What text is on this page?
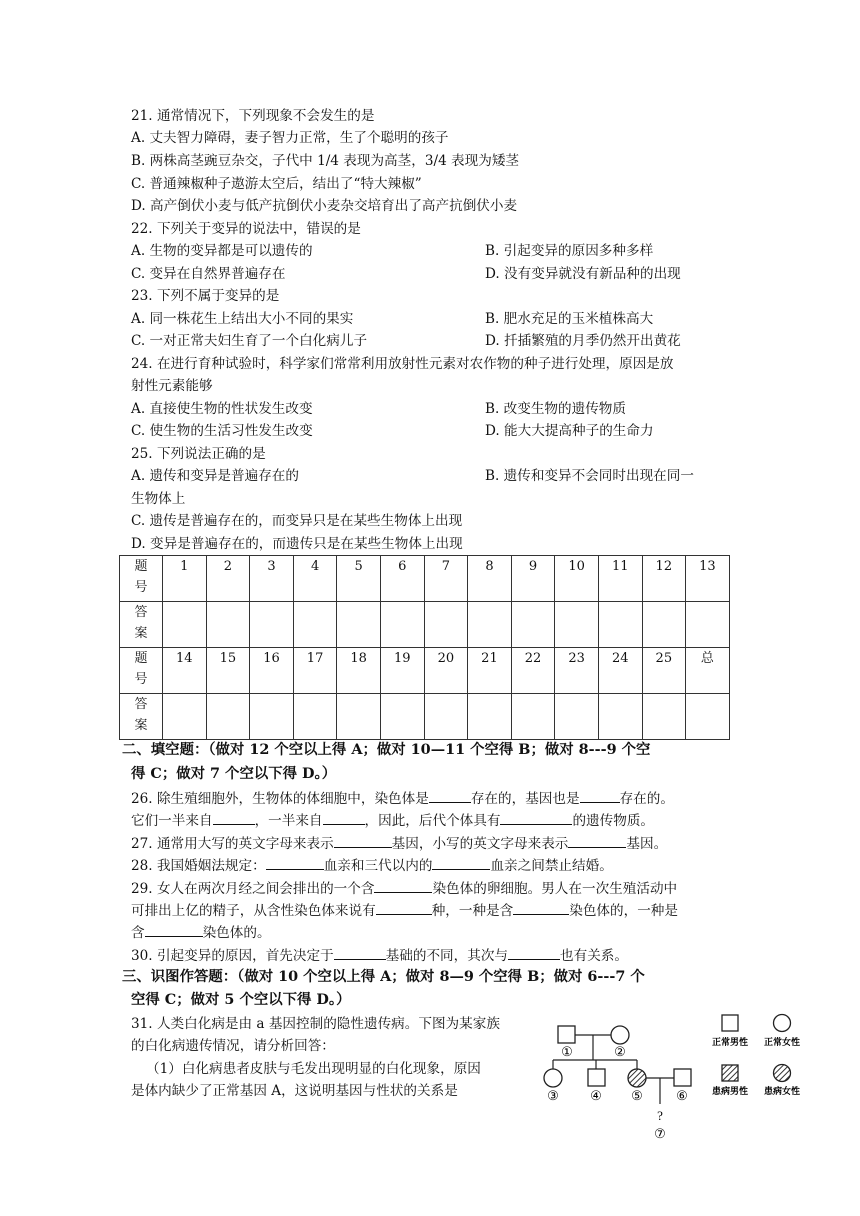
21. 通常情况下，下列现象不会发生的是
A. 丈夫智力障碍，妻子智力正常，生了个聪明的孩子
B. 两株高茎豌豆杂交，子代中 1/4 表现为高茎，3/4 表现为矮茎
C. 普通辣椒种子遨游太空后，结出了“特大辣椒”
D. 高产倒伏小麦与低产抗倒伏小麦杂交培育出了高产抗倒伏小麦
22. 下列关于变异的说法中，错误的是
A. 生物的变异都是可以遗传的	B. 引起变异的原因多种多样
C. 变异在自然界普遍存在	D. 没有变异就没有新品种的出现
23. 下列不属于变异的是
A. 同一株花生上结出大小不同的果实	B. 肥水充足的玉米植株高大
C. 一对正常夫妇生育了一个白化病儿子	D. 扦插繁殖的月季仍然开出黄花
24. 在进行育种试验时，科学家们常常利用放射性元素对农作物的种子进行处理，原因是放
射性元素能够
A. 直接使生物的性状发生改变	B. 改变生物的遗传物质
C. 使生物的生活习性发生改变	D. 能大大提高种子的生命力
25. 下列说法正确的是
A. 遗传和变异是普遍存在的	B. 遗传和变异不会同时出现在同一
生物体上
C. 遗传是普遍存在的，而变异只是在某些生物体上出现
D. 变异是普遍存在的，而遗传只是在某些生物体上出现
题
号	1	2	3	4	5	6	7	8	9	10	11	12	13
答
案													
题
号	14	15	16	17	18	19	20	21	22	23	24	25	总
答
案													
二、填空题：（做对 12 个空以上得 A；做对 10—11 个空得 B；做对 8---9 个空
得 C；做对 7 个空以下得 D。）
26. 除生殖细胞外，生物体的体细胞中，染色体是	存在的，基因也是	存在的。
它们一半来自	，一半来自	，因此，后代个体具有	的遗传物质。
27. 通常用大写的英文字母来表示	基因，小写的英文字母来表示	基因。
28. 我国婚姻法规定：	血亲和三代以内的	血亲之间禁止结婚。
29. 女人在两次月经之间会排出的一个含	染色体的卵细胞。男人在一次生殖活动中
可排出上亿的精子，从含性染色体来说有	种，一种是含	染色体的，一种是
含	染色体的。
30. 引起变异的原因，首先决定于	基础的不同，其次与	也有关系。
三、识图作答题：（做对 10 个空以上得 A；做对 8—9 个空得 B；做对 6---7 个
空得 C；做对 5 个空以下得 D。）
31. 人类白化病是由 a 基因控制的隐性遗传病。下图为某家族
的白化病遗传情况，请分析回答：
（1）白化病患者皮肤与毛发出现明显的白化现象，原因
是体内缺少了正常基因 A，这说明基因与性状的关系是
①	②
③ ④ ⑤	⑥
?
⑦
正常男性 正常女性
患病男性 患病女性
